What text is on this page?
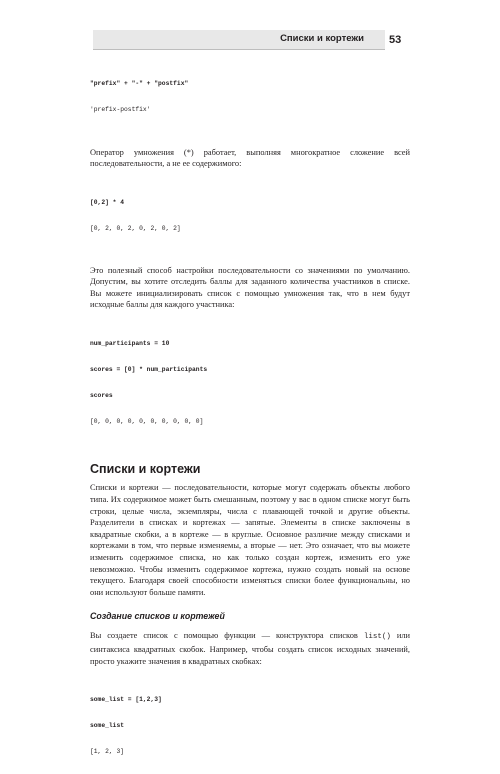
Списки и кортежи 53

"prefix" + "-" + "postfix"

'prefix-postfix'

Оператор умножения (*) работает, выполняя многократное сложение всей последовательности, а не ее содержимого:

[0,2] * 4

[0, 2, 0, 2, 0, 2, 0, 2]

Это полезный способ настройки последовательности со значениями по умолчанию. Допустим, вы хотите отследить баллы для заданного количества участников в списке. Вы можете инициализировать список с помощью умножения так, что в нем будут исходные баллы для каждого участника:

num_participants = 10

scores = [0] * num_participants

scores

[0, 0, 0, 0, 0, 0, 0, 0, 0, 0]

Списки и кортежи

Списки и кортежи — последовательности, которые могут содержать объекты любого типа. Их содержимое может быть смешанным, поэтому у вас в одном списке могут быть строки, целые числа, экземпляры, числа с плавающей точкой и другие объекты. Разделители в списках и кортежах — запятые. Элементы в списке заключены в квадратные скобки, а в кортеже — в круглые. Основное различие между списками и кортежами в том, что первые изменяемы, а вторые — нет. Это означает, что вы можете изменить содержимое списка, но как только создан кортеж, изменить его уже невозможно. Чтобы изменить содержимое кортежа, нужно создать новый на основе текущего. Благодаря своей способности изменяться списки более функциональны, но они используют больше памяти.

Создание списков и кортежей

Вы создаете список с помощью функции — конструктора списков list() или синтаксиса квадратных скобок. Например, чтобы создать список исходных значений, просто укажите значения в квадратных скобках:

some_list = [1,2,3]

some_list

[1, 2, 3]
